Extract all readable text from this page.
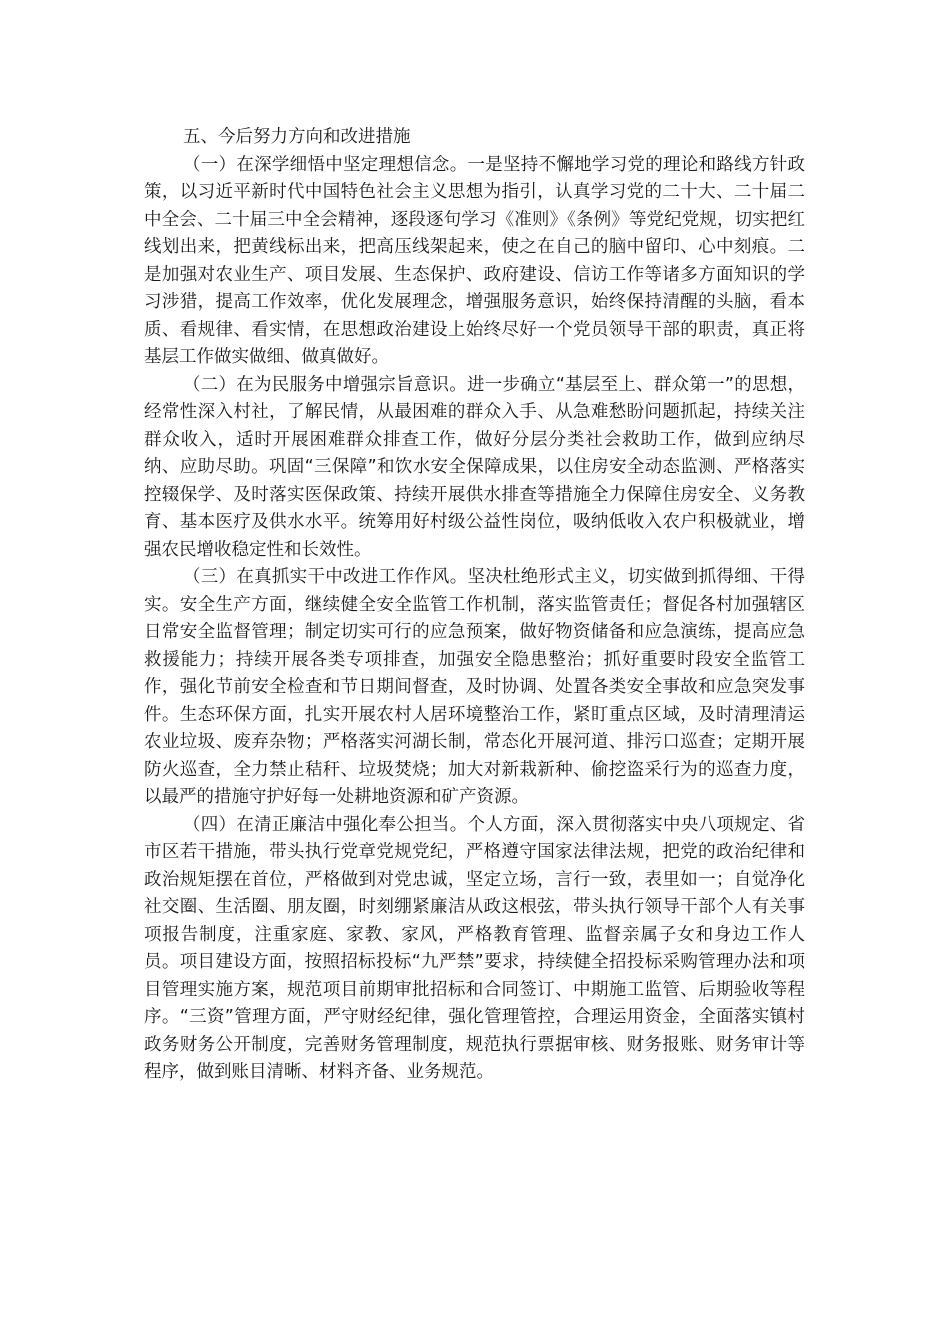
五、今后努力方向和改进措施

（一）在深学细悟中坚定理想信念。一是坚持不懈地学习党的理论和路线方针政策，以习近平新时代中国特色社会主义思想为指引，认真学习党的二十大、二十届二中全会、二十届三中全会精神，逐段逐句学习《准则》《条例》等党纪党规，切实把红线划出来，把黄线标出来，把高压线架起来，使之在自己的脑中留印、心中刻痕。二是加强对农业生产、项目发展、生态保护、政府建设、信访工作等诸多方面知识的学习涉猎，提高工作效率，优化发展理念，增强服务意识，始终保持清醒的头脑，看本质、看规律、看实情，在思想政治建设上始终尽好一个党员领导干部的职责，真正将基层工作做实做细、做真做好。

（二）在为民服务中增强宗旨意识。进一步确立“基层至上、群众第一”的思想，经常性深入村社，了解民情，从最困难的群众入手、从急难愁盼问题抓起，持续关注群众收入，适时开展困难群众排查工作，做好分层分类社会救助工作，做到应纳尽纳、应助尽助。巩固“三保障”和饮水安全保障成果，以住房安全动态监测、严格落实控辍保学、及时落实医保政策、持续开展供水排查等措施全力保障住房安全、义务教育、基本医疗及供水水平。统筹用好村级公益性岗位，吸纳低收入农户积极就业，增强农民增收稳定性和长效性。

（三）在真抓实干中改进工作作风。坚决杜绝形式主义，切实做到抓得细、干得实。安全生产方面，继续健全安全监管工作机制，落实监管责任；督促各村加强辖区日常安全监督管理；制定切实可行的应急预案，做好物资储备和应急演练，提高应急救援能力；持续开展各类专项排查，加强安全隐患整治；抓好重要时段安全监管工作，强化节前安全检查和节日期间督查，及时协调、处置各类安全事故和应急突发事件。生态环保方面，扎实开展农村人居环境整治工作，紧盯重点区域，及时清理清运农业垃圾、废弃杂物；严格落实河湖长制，常态化开展河道、排污口巡查；定期开展防火巡查，全力禁止秸秆、垃圾焚烧；加大对新栽新种、偷挖盗采行为的巡查力度，以最严的措施守护好每一处耕地资源和矿产资源。

（四）在清正廉洁中强化奉公担当。个人方面，深入贯彻落实中央八项规定、省市区若干措施，带头执行党章党规党纪，严格遵守国家法律法规，把党的政治纪律和政治规矩摆在首位，严格做到对党忠诚，坚定立场，言行一致，表里如一；自觉净化社交圈、生活圈、朋友圈，时刻绷紧廉洁从政这根弦，带头执行领导干部个人有关事项报告制度，注重家庭、家教、家风，严格教育管理、监督亲属子女和身边工作人员。项目建设方面，按照招标投标“九严禁”要求，持续健全招投标采购管理办法和项目管理实施方案，规范项目前期审批招标和合同签订、中期施工监管、后期验收等程序。“三资”管理方面，严守财经纪律，强化管理管控，合理运用资金，全面落实镇村政务财务公开制度，完善财务管理制度，规范执行票据审核、财务报账、财务审计等程序，做到账目清晰、材料齐备、业务规范。
